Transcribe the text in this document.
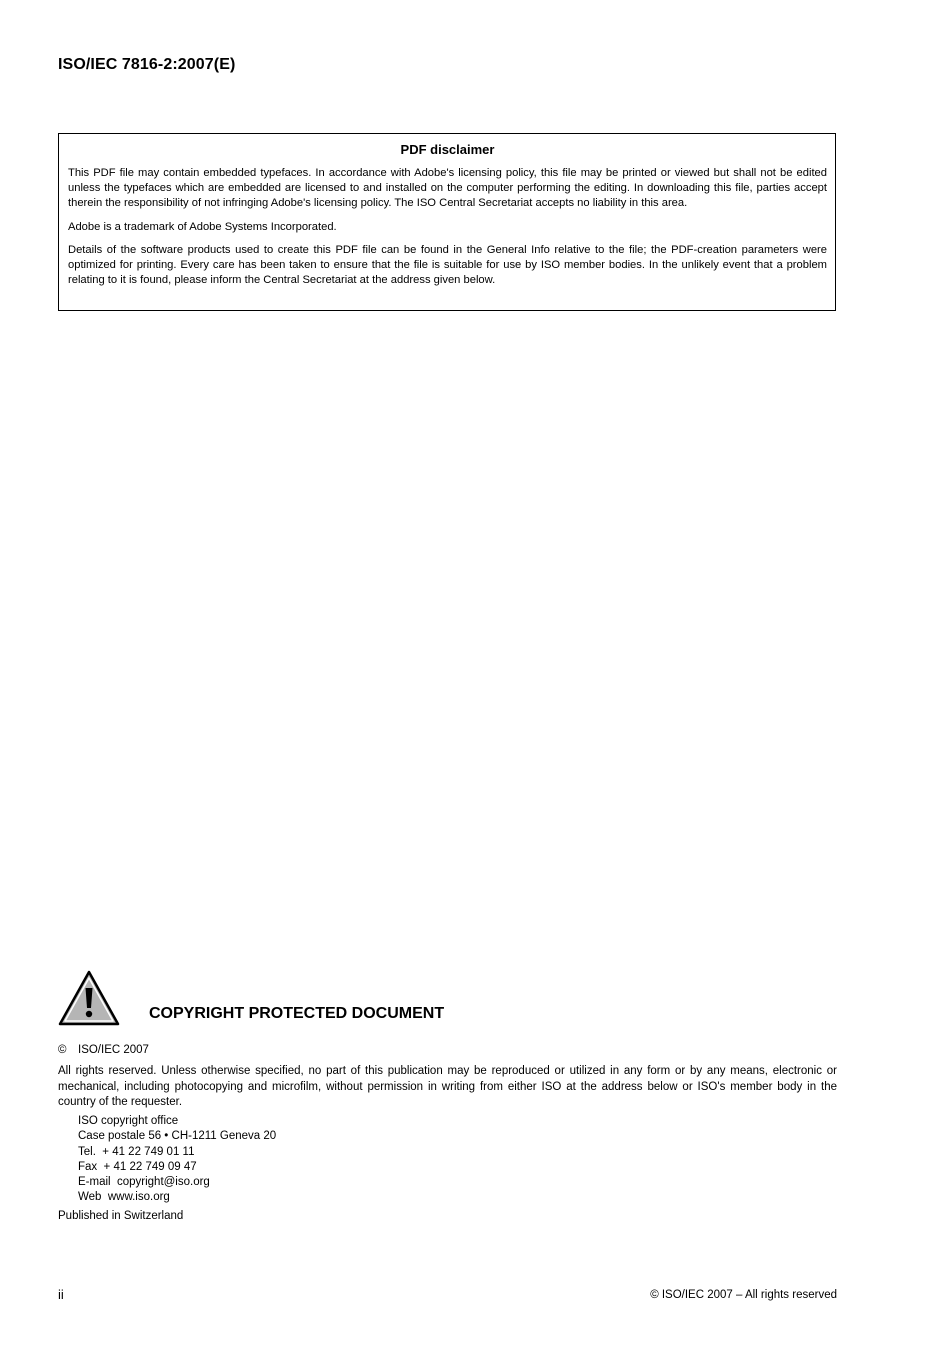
ISO/IEC 7816-2:2007(E)
PDF disclaimer

This PDF file may contain embedded typefaces. In accordance with Adobe's licensing policy, this file may be printed or viewed but shall not be edited unless the typefaces which are embedded are licensed to and installed on the computer performing the editing. In downloading this file, parties accept therein the responsibility of not infringing Adobe's licensing policy. The ISO Central Secretariat accepts no liability in this area.

Adobe is a trademark of Adobe Systems Incorporated.

Details of the software products used to create this PDF file can be found in the General Info relative to the file; the PDF-creation parameters were optimized for printing. Every care has been taken to ensure that the file is suitable for use by ISO member bodies. In the unlikely event that a problem relating to it is found, please inform the Central Secretariat at the address given below.

COPYRIGHT PROTECTED DOCUMENT
© ISO/IEC 2007
All rights reserved. Unless otherwise specified, no part of this publication may be reproduced or utilized in any form or by any means, electronic or mechanical, including photocopying and microfilm, without permission in writing from either ISO at the address below or ISO's member body in the country of the requester.
ISO copyright office
Case postale 56 • CH-1211 Geneva 20
Tel.  + 41 22 749 01 11
Fax  + 41 22 749 09 47
E-mail  copyright@iso.org
Web  www.iso.org
Published in Switzerland
ii	© ISO/IEC 2007 – All rights reserved
